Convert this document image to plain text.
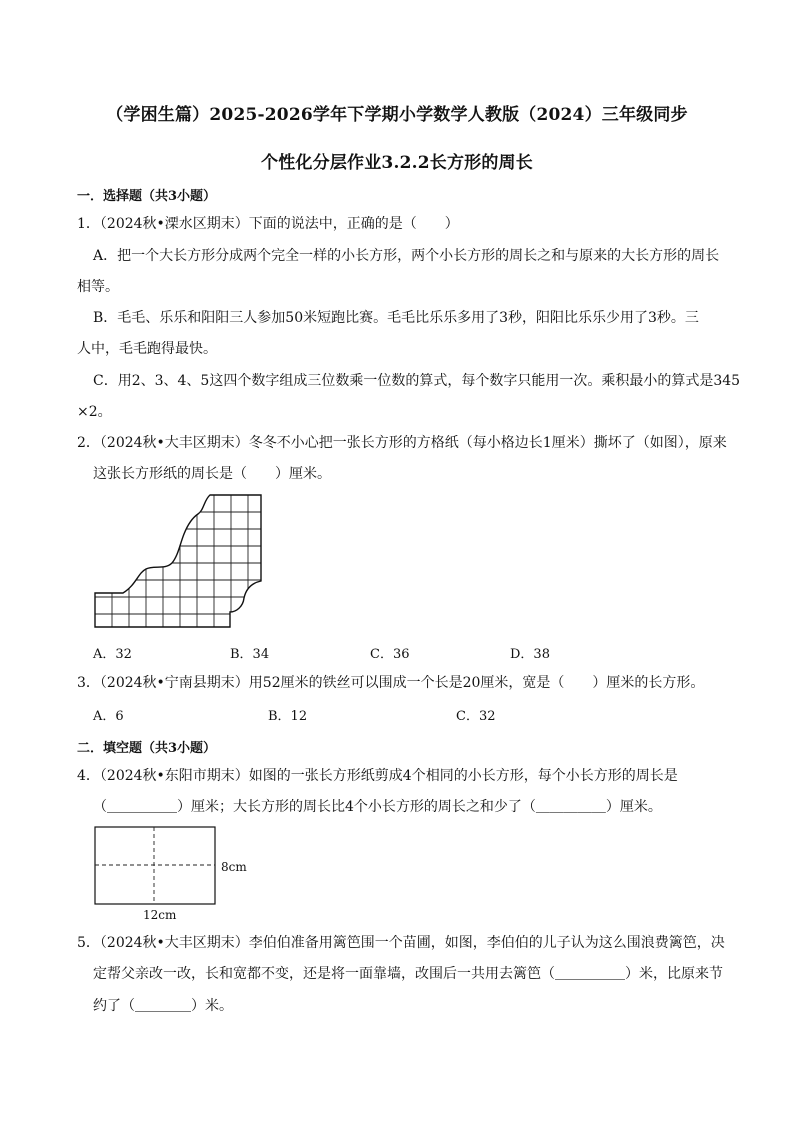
（学困生篇）2025-2026学年下学期小学数学人教版（2024）三年级同步
个性化分层作业3.2.2长方形的周长
一．选择题（共3小题）
1．（2024秋•溧水区期末）下面的说法中，正确的是（　　）
A．把一个大长方形分成两个完全一样的小长方形，两个小长方形的周长之和与原来的大长方形的周长
相等。
B．毛毛、乐乐和阳阳三人参加50米短跑比赛。毛毛比乐乐多用了3秒，阳阳比乐乐少用了3秒。三
人中，毛毛跑得最快。
C．用2、3、4、5这四个数字组成三位数乘一位数的算式，每个数字只能用一次。乘积最小的算式是345
×2。
2．（2024秋•大丰区期末）冬冬不小心把一张长方形的方格纸（每小格边长1厘米）撕坏了（如图），原来
这张长方形纸的周长是（　　）厘米。
A．32	B．34	C．36	D．38
3．（2024秋•宁南县期末）用52厘米的铁丝可以围成一个长是20厘米，宽是（　　）厘米的长方形。
A．6	B．12	C．32
二．填空题（共3小题）
4．（2024秋•东阳市期末）如图的一张长方形纸剪成4个相同的小长方形，每个小长方形的周长是
（＿＿＿＿＿）厘米；大长方形的周长比4个小长方形的周长之和少了（＿＿＿＿＿）厘米。
8cm
12cm
5．（2024秋•大丰区期末）李伯伯准备用篱笆围一个苗圃，如图，李伯伯的儿子认为这么围浪费篱笆，决
定帮父亲改一改，长和宽都不变，还是将一面靠墙，改围后一共用去篱笆（＿＿＿＿＿）米，比原来节
约了（＿＿＿＿）米。
